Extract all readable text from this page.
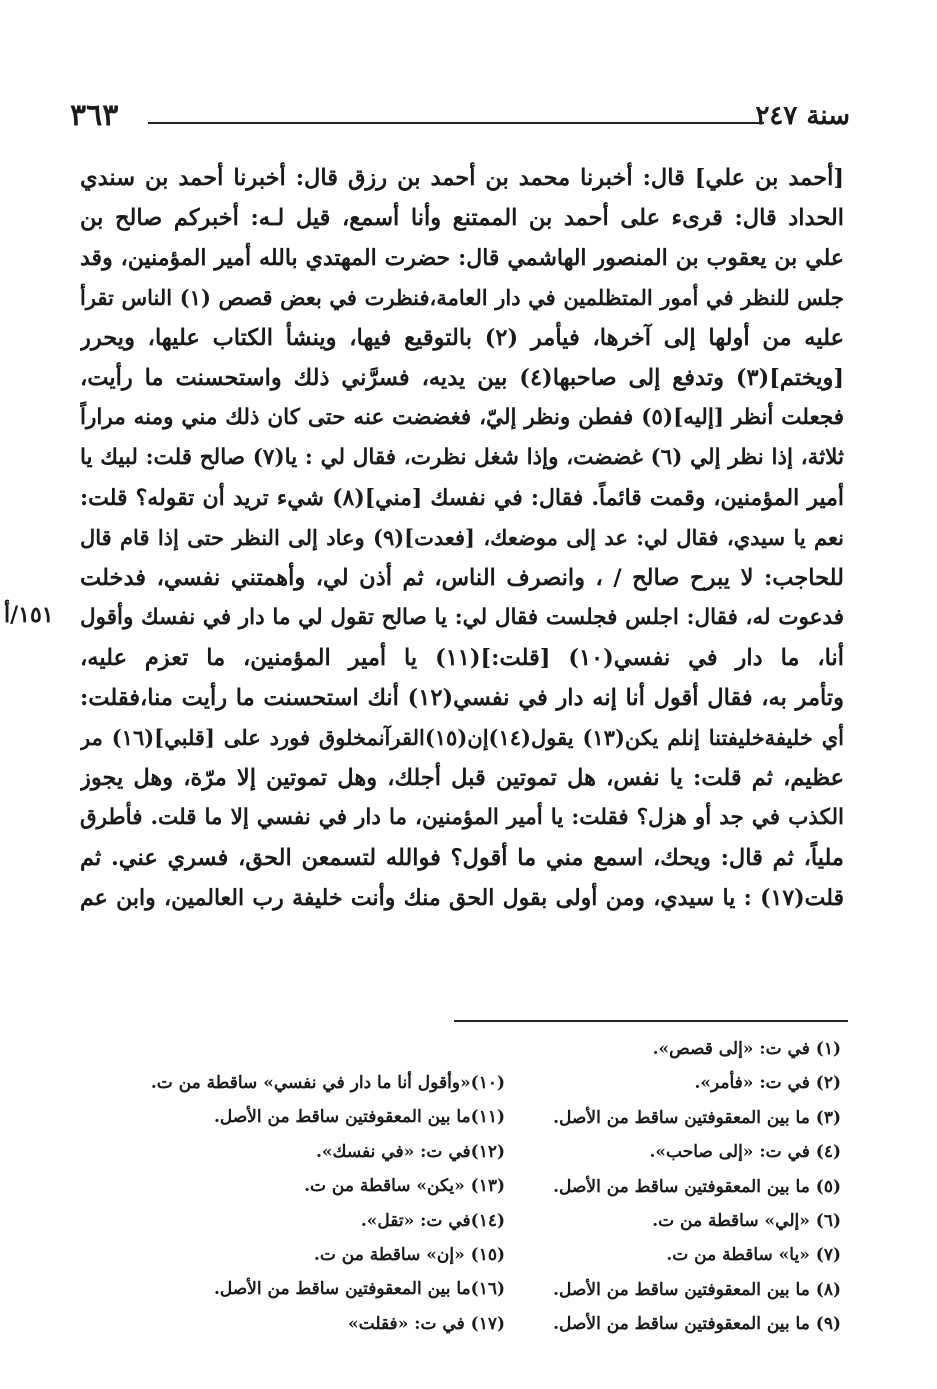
سنة ٢٤٧
٣٦٣
١٥١/أ
[أحمد بن علي] قال: أخبرنا محمد بن أحمد بن رزق قال: أخبرنا أحمد بن سندي
الحداد قال: قرىء على أحمد بن الممتنع وأنا أسمع، قيل لـه: أخبركم صالح بن
علي بن يعقوب بن المنصور الهاشمي قال: حضرت المهتدي بالله أمير المؤمنين، وقد
جلس للنظر في أمور المتظلمين في دار العامة،فنظرت في بعض قصص (١) الناس تقرأ
عليه من أولها إلى آخرها، فيأمر (٢) بالتوقيع فيها، وينشأ الكتاب عليها، ويحرر
[ويختم](٣) وتدفع إلى صاحبها(٤) بين يديه، فسرَّني ذلك واستحسنت ما رأيت،
فجعلت أنظر [إليه](٥) ففطن ونظر إليّ، فغضضت عنه حتى كان ذلك مني ومنه مراراً
ثلاثة، إذا نظر إلي (٦) غضضت، وإذا شغل نظرت، فقال لي : يا(٧) صالح قلت: لبيك يا
أمير المؤمنين، وقمت قائماً. فقال: في نفسك [مني](٨) شيء تريد أن تقوله؟ قلت:
نعم يا سيدي، فقال لي: عد إلى موضعك، [فعدت](٩) وعاد إلى النظر حتى إذا قام قال
للحاجب: لا يبرح صالح / ، وانصرف الناس، ثم أذن لي، وأهمتني نفسي، فدخلت
فدعوت له، فقال: اجلس فجلست فقال لي: يا صالح تقول لي ما دار في نفسك وأقول
أنا، ما دار في نفسي(١٠) [قلت:](١١) يا أمير المؤمنين، ما تعزم عليه،
وتأمر به، فقال أقول أنا إنه دار في نفسي(١٢) أنك استحسنت ما رأيت منا،فقلت:
أي خليفةخليفتنا إنلم يكن(١٣) يقول(١٤)إن(١٥)القرآنمخلوق فورد على [قلبي](١٦) مر
عظيم، ثم قلت: يا نفس، هل تموتين قبل أجلك، وهل تموتين إلا مرّة، وهل يجوز
الكذب في جد أو هزل؟ فقلت: يا أمير المؤمنين، ما دار في نفسي إلا ما قلت. فأطرق
ملياً، ثم قال: ويحك، اسمع مني ما أقول؟ فوالله لتسمعن الحق، فسري عني. ثم
قلت(١٧) : يا سيدي، ومن أولى بقول الحق منك وأنت خليفة رب العالمين، وابن عم
(١) في ت: «إلى قصص».
(٢) في ت: «فأمر».
(٣) ما بين المعقوفتين ساقط من الأصل.
(٤) في ت: «إلى صاحب».
(٥) ما بين المعقوفتين ساقط من الأصل.
(٦) «إلي» ساقطة من ت.
(٧) «يا» ساقطة من ت.
(٨) ما بين المعقوفتين ساقط من الأصل.
(٩) ما بين المعقوفتين ساقط من الأصل.
(١٠)«وأقول أنا ما دار في نفسي» ساقطة من ت.
(١١)ما بين المعقوفتين ساقط من الأصل.
(١٢)في ت: «في نفسك».
(١٣) «يكن» ساقطة من ت.
(١٤)في ت: «تقل».
(١٥) «إن» ساقطة من ت.
(١٦)ما بين المعقوفتين ساقط من الأصل.
(١٧) في ت: «فقلت»
